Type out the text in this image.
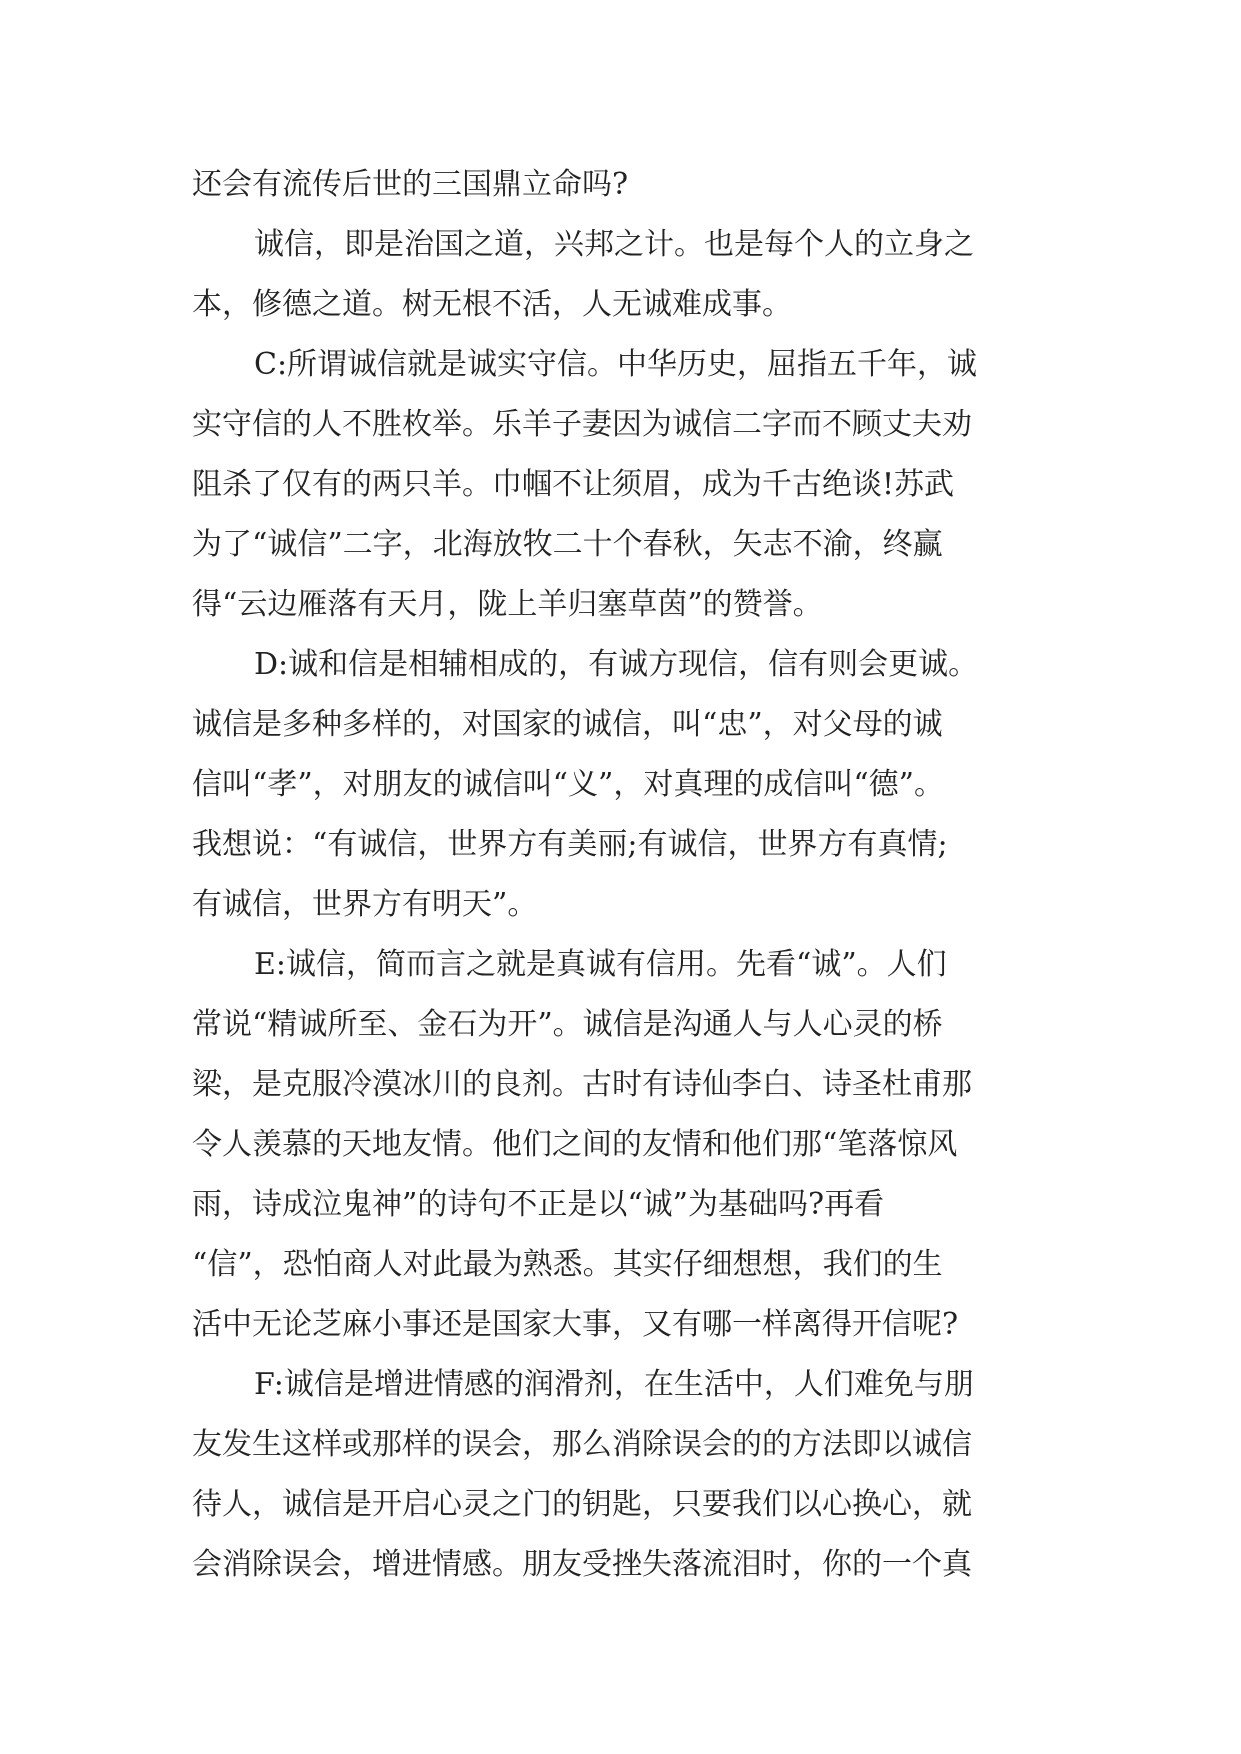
还会有流传后世的三国鼎立命吗?
诚信，即是治国之道，兴邦之计。也是每个人的立身之
本，修德之道。树无根不活，人无诚难成事。
C:所谓诚信就是诚实守信。中华历史，屈指五千年，诚
实守信的人不胜枚举。乐羊子妻因为诚信二字而不顾丈夫劝
阻杀了仅有的两只羊。巾帼不让须眉，成为千古绝谈!苏武
为了“诚信”二字，北海放牧二十个春秋，矢志不渝，终赢
得“云边雁落有天月，陇上羊归塞草茵”的赞誉。
D:诚和信是相辅相成的，有诚方现信，信有则会更诚。
诚信是多种多样的，对国家的诚信，叫“忠”，对父母的诚
信叫“孝”，对朋友的诚信叫“义”，对真理的成信叫“德”。
我想说：“有诚信，世界方有美丽;有诚信，世界方有真情;
有诚信，世界方有明天”。
E:诚信，简而言之就是真诚有信用。先看“诚”。人们
常说“精诚所至、金石为开”。诚信是沟通人与人心灵的桥
梁，是克服冷漠冰川的良剂。古时有诗仙李白、诗圣杜甫那
令人羡慕的天地友情。他们之间的友情和他们那“笔落惊风
雨，诗成泣鬼神”的诗句不正是以“诚”为基础吗?再看
“信”，恐怕商人对此最为熟悉。其实仔细想想，我们的生
活中无论芝麻小事还是国家大事，又有哪一样离得开信呢?
F:诚信是增进情感的润滑剂，在生活中，人们难免与朋
友发生这样或那样的误会，那么消除误会的的方法即以诚信
待人，诚信是开启心灵之门的钥匙，只要我们以心换心，就
会消除误会，增进情感。朋友受挫失落流泪时，你的一个真
